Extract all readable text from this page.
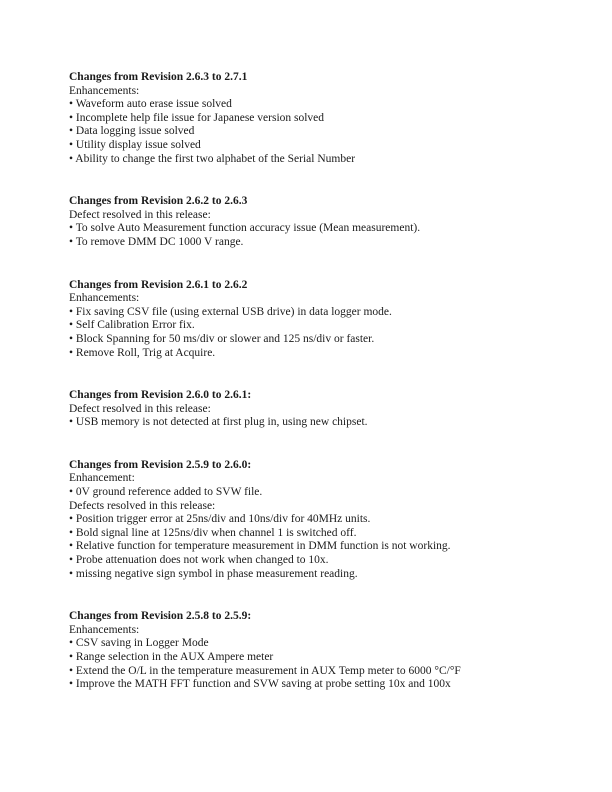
Changes from Revision 2.6.3 to 2.7.1

Enhancements:

• Waveform auto erase issue solved

• Incomplete help file issue for Japanese version solved

• Data logging issue solved

• Utility display issue solved

• Ability to change the first two alphabet of the Serial Number

Changes from Revision 2.6.2 to 2.6.3

Defect resolved in this release:

• To solve Auto Measurement function accuracy issue (Mean measurement).

• To remove DMM DC 1000 V range.

Changes from Revision 2.6.1 to 2.6.2

Enhancements:

• Fix saving CSV file (using external USB drive) in data logger mode.

• Self Calibration Error fix.

• Block Spanning for 50 ms/div or slower and 125 ns/div or faster.

• Remove Roll, Trig at Acquire.

Changes from Revision 2.6.0 to 2.6.1:

Defect resolved in this release:

• USB memory is not detected at first plug in, using new chipset.

Changes from Revision 2.5.9 to 2.6.0:

Enhancement:

• 0V ground reference added to SVW file.

Defects resolved in this release:

• Position trigger error at 25ns/div and 10ns/div for 40MHz units.

• Bold signal line at 125ns/div when channel 1 is switched off.

• Relative function for temperature measurement in DMM function is not working.

• Probe attenuation does not work when changed to 10x.

• missing negative sign symbol in phase measurement reading.

Changes from Revision 2.5.8 to 2.5.9:

Enhancements:

• CSV saving in Logger Mode

• Range selection in the AUX Ampere meter

• Extend the O/L in the temperature measurement in AUX Temp meter to 6000 °C/°F

• Improve the MATH FFT function and SVW saving at probe setting 10x and 100x
